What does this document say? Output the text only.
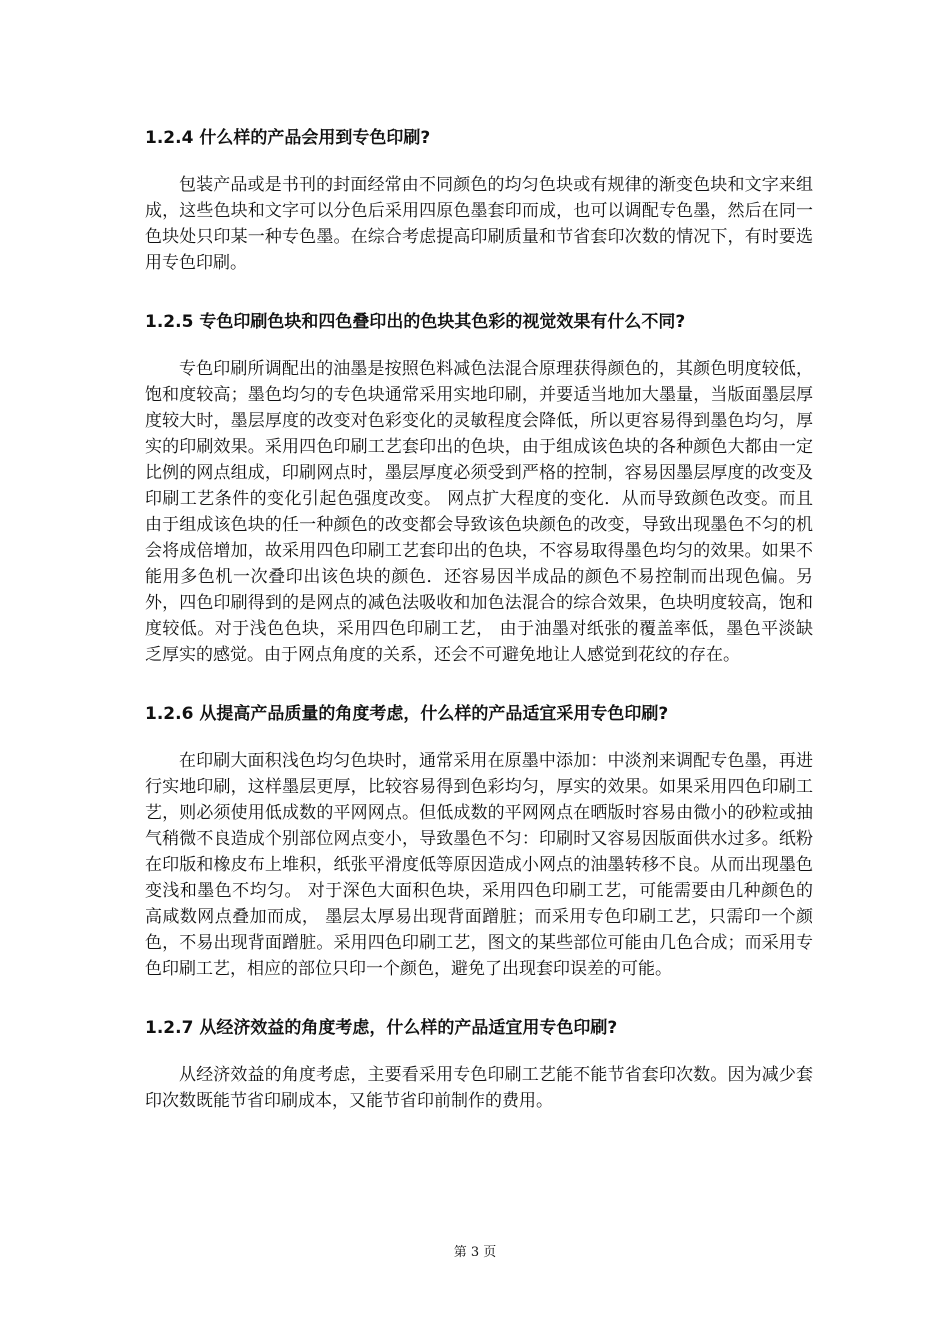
1.2.4 什么样的产品会用到专色印刷?

包装产品或是书刊的封面经常由不同颜色的均匀色块或有规律的渐变色块和文字来组成，这些色块和文字可以分色后采用四原色墨套印而成，也可以调配专色墨，然后在同一色块处只印某一种专色墨。在综合考虑提高印刷质量和节省套印次数的情况下，有时要选用专色印刷。

1.2.5 专色印刷色块和四色叠印出的色块其色彩的视觉效果有什么不同?

专色印刷所调配出的油墨是按照色料减色法混合原理获得颜色的，其颜色明度较低，饱和度较高；墨色均匀的专色块通常采用实地印刷，并要适当地加大墨量，当版面墨层厚度较大时，墨层厚度的改变对色彩变化的灵敏程度会降低，所以更容易得到墨色均匀，厚实的印刷效果。采用四色印刷工艺套印出的色块，由于组成该色块的各种颜色大都由一定比例的网点组成，印刷网点时，墨层厚度必须受到严格的控制，容易因墨层厚度的改变及印刷工艺条件的变化引起色强度改变。 网点扩大程度的变化．从而导致颜色改变。而且由于组成该色块的任一种颜色的改变都会导致该色块颜色的改变，导致出现墨色不匀的机会将成倍增加，故采用四色印刷工艺套印出的色块，不容易取得墨色均匀的效果。如果不能用多色机一次叠印出该色块的颜色．还容易因半成品的颜色不易控制而出现色偏。另外，四色印刷得到的是网点的减色法吸收和加色法混合的综合效果，色块明度较高，饱和度较低。对于浅色色块，采用四色印刷工艺， 由于油墨对纸张的覆盖率低，墨色平淡缺乏厚实的感觉。由于网点角度的关系，还会不可避免地让人感觉到花纹的存在。

1.2.6 从提高产品质量的角度考虑，什么样的产品适宜采用专色印刷?

在印刷大面积浅色均匀色块时，通常采用在原墨中添加：中淡剂来调配专色墨，再进行实地印刷，这样墨层更厚，比较容易得到色彩均匀，厚实的效果。如果采用四色印刷工艺，则必须使用低成数的平网网点。但低成数的平网网点在晒版时容易由微小的砂粒或抽气稍微不良造成个别部位网点变小，导致墨色不匀：印刷时又容易因版面供水过多。纸粉在印版和橡皮布上堆积，纸张平滑度低等原因造成小网点的油墨转移不良。从而出现墨色变浅和墨色不均匀。 对于深色大面积色块，采用四色印刷工艺，可能需要由几种颜色的高咸数网点叠加而成， 墨层太厚易出现背面蹭脏；而采用专色印刷工艺，只需印一个颜色，不易出现背面蹭脏。采用四色印刷工艺，图文的某些部位可能由几色合成；而采用专色印刷工艺，相应的部位只印一个颜色，避免了出现套印误差的可能。

1.2.7 从经济效益的角度考虑，什么样的产品适宜用专色印刷?

从经济效益的角度考虑，主要看采用专色印刷工艺能不能节省套印次数。因为减少套印次数既能节省印刷成本，又能节省印前制作的费用。

第 3 页
